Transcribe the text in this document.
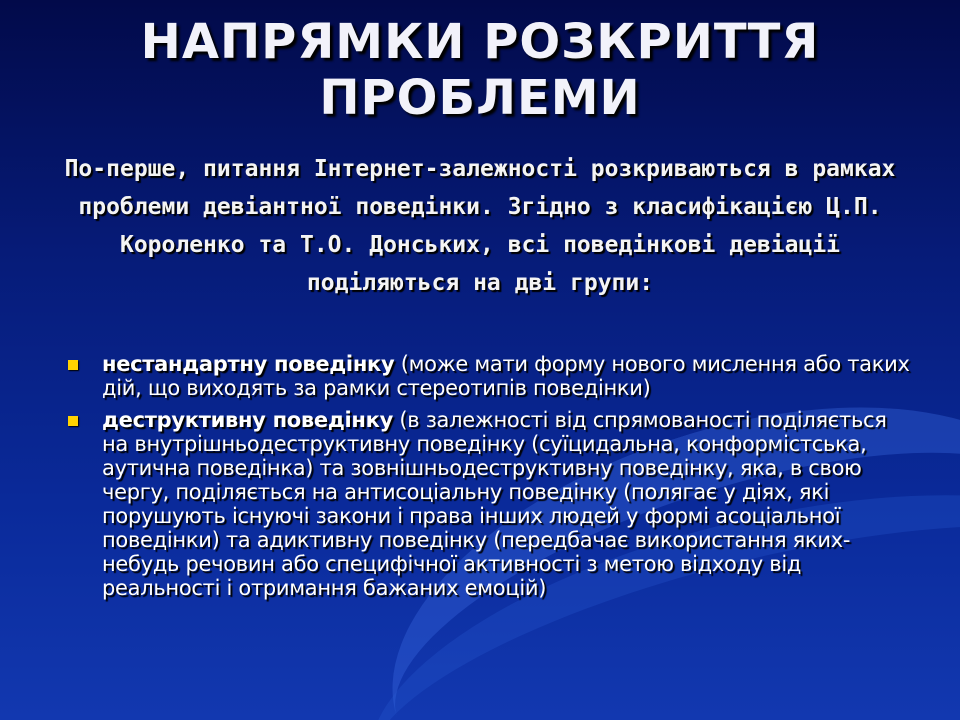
НАПРЯМКИ РОЗКРИТТЯ
ПРОБЛЕМИ
По-перше, питання Інтернет-залежності розкриваються в рамках проблеми девіантної поведінки. Згідно з класифікацією Ц.П. Короленко та Т.О. Донських, всі поведінкові девіації поділяються на дві групи:
нестандартну поведінку (може мати форму нового мислення або таких дій, що виходять за рамки стереотипів поведінки)
деструктивну поведінку (в залежності від спрямованості поділяється на внутрішньодеструктивну поведінку (суїцидальна, конформістська, аутична поведінка) та зовнішньодеструктивну поведінку, яка, в свою чергу, поділяється на антисоціальну поведінку (полягає у діях, які порушують існуючі закони і права інших людей у формі асоціальної поведінки) та адиктивну поведінку (передбачає використання яких-небудь речовин або специфічної активності з метою відходу від реальності і отримання бажаних емоцій)
